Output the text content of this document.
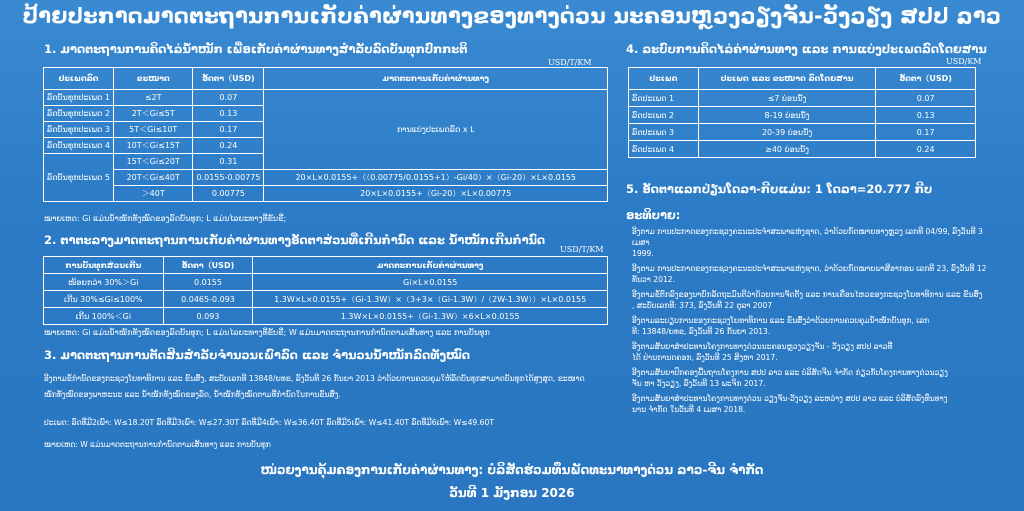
ປ້າຍປະກາດມາດຕະຖານການເກັບຄ່າຜ່ານທາງຂອງທາງດ່ວນ ນະຄອນຫຼວງວຽງຈັນ-ວັງວຽງ ສປປ ລາວ
1. ມາດຕະຖານການຄິດໄລ່ນ້ຳໜັກ ເພື່ອເກັບຄ່າຜ່ານທາງສຳລັບລົດບັນທຸກປົກກະຕິ
USD/T/KM
ປະເພດລົດ	ຂະໜາດ	ອັດຕາ（USD)	ມາດຕະການເກັບຄ່າຜ່ານທາງ
ລົດບັນທຸກປະເພດ 1	≤2T	0.07	ການແບ່ງປະເພດລົດ x L
ລົດບັນທຸກປະເພດ 2	2T＜Gi≤5T	0.13	
ລົດບັນທຸກປະເພດ 3	5T＜Gi≤10T	0.17	
ລົດບັນທຸກປະເພດ 4	10T＜Gi≤15T	0.24	
ລົດບັນທຸກປະເພດ 5	15T＜Gi≤20T	0.31	
	20T＜Gi≤40T	0.0155-0.00775	20×L×0.0155+（（0.00775/0.0155+1）-Gi/40）×（Gi-20）×L×0.0155
	＞40T	0.00775	20×L×0.0155+（Gi-20）×L×0.00775
ໝາຍເຫດ: Gi ແມ່ນນ້ຳໜັກທັງໝົດຂອງລົດບັນທຸກ; L ແມ່ນໄລຍະທາງທີ່ຂັບຂີ່;
2. ຕາຕະລາງມາດຕະຖານການເກັບຄ່າຜ່ານທາງອັດຕາສ່ວນທີ່ເກີນກຳນົດ ແລະ ນ້ຳໜັກເກີນກຳນົດ
USD/T/KM
ການບັນທຸກສ່ວນເກີນ	ອັດຕາ（USD)	ມາດຕະການເກັບຄ່າຜ່ານທາງ
ໜ້ອຍກວ່າ 30%＞Gi	0.0155	Gi×L×0.0155
ເກີນ 30%≤Gi≤100%	0.0465-0.093	1.3W×L×0.0155+（Gi-1.3W）×（3+3×（Gi-1.3W）/（2W-1.3W））×L×0.0155
ເກີນ 100%＜Gi	0.093	1.3W×L×0.0155+（Gi-1.3W）×6×L×0.0155
ໝາຍເຫດ: Gi ແມ່ນນ້ຳໜັກທັງໝົດຂອງລົດບັນທຸກ; L ແມ່ນໄລຍະທາງທີ່ຂັບຂີ່; W ແມ່ນມາດຕະຖານການກຳນົດຕາມເສັ້ນທາງ ແລະ ການບັນທຸກ
3. ມາດຕະຖານການຕັດສິນສຳລັບຈຳນວນເພົາລົດ ແລະ ຈຳນວນນ້ຳໜັກລົດທັງໝົດ
ອີງຕາມຂໍ້ກຳນົດຂອງກະຊວງໂຍທາທິການ ແລະ ຂົນສົ່ງ, ສະບັບເລກທີ 13848/ຍທຂ, ລົງວັນທີ 26 ກັນຍາ 2013 ວ່າດ້ວຍການຄວບຄຸມໃຫ້ລົດບັນທຸກສາມາດບັນທຸກໄດ້ສູງສຸດ, ຂະໜາດ
ໜັກທັງໝົດຂອງພາຫະນະ ແລະ ນ້ຳໜັກທັງໝົດຂອງລົດ, ນ້ຳໜັກທັງໝົດຕາມທີ່ກຳນົດໃນການຂົນສົ່ງ.
ປະເພດ: ລົດທີ່ມີ2ເພົາ: W≤18.20T ລົດທີ່ມີ3ເພົາ: W≤27.30T ລົດທີ່ມີ4ເພົາ: W≤36.40T ລົດທີ່ມີ5ເພົາ: W≤41.40T ລົດທີ່ມີ6ເພົາ: W≤49.60T
ໝາຍເຫດ: W ແມ່ນມາດຕະຖານການກຳນົດຕາມເສັ້ນທາງ ແລະ ການບັນທຸກ
4. ລະບົບການຄິດໄລ່ຄ່າຜ່ານທາງ ແລະ ການແບ່ງປະເພດລົດໂດຍສານ
USD/KM
ປະເພດ	ປະເພດ ແລະ ຂະໜາດ ລົດໂດຍສານ	ອັດຕາ（USD)
ລົດປະເພດ 1	≤7 ບ່ອນນັ່ງ	0.07
ລົດປະເພດ 2	8-19 ບ່ອນນັ່ງ	0.13
ລົດປະເພດ 3	20-39 ບ່ອນນັ່ງ	0.17
ລົດປະເພດ 4	≥40 ບ່ອນນັ່ງ	0.24
5. ອັດຕາແລກປ່ຽນໂດລາ-ກີບແມ່ນ: 1 ໂດລາ=20.777 ກີບ
ອະທິບາຍ:
ອີງຕາມ ການປະກາດຂອງກະຊວງຄະນະປະຈຳສະພາແຫ່ງຊາດ, ວ່າດ້ວຍກົດໝາຍທາງຫຼວງ ເລກທີ 04/99, ລົງວັນທີ 3 ເມສາ
1999.
ອີງຕາມ ການປະກາດຂອງກະຊວງຄະນະປະຈຳສະພາແຫ່ງຊາດ, ວ່າດ້ວຍກົດໝາຍພາສີອາກອນ ເລກທີ 23, ລົງວັນທີ 12
ທັນວາ 2012.
ອີງຕາມຂໍ້ຕົກລົງຂອງນາຍົກລັດຖະມົນຕີວ່າດ້ວຍການຈັດຕັ້ງ ແລະ ການເຄື່ອນໄຫວຂອງກະຊວງໂຍທາທິການ ແລະ ຂົນສົ່ງ
, ສະບັບເລກທີ: 373, ລົງວັນທີ 22 ຕຸລາ 2007
ອີງຕາມລະບຽບການຂອງກະຊວງໂຍທາທິການ ແລະ ຂົນສົ່ງວ່າດ້ວຍການຄວບຄຸມນ້ຳໜັກບັນທຸກ, ເລກ
ທີ: 13848/ຍທຂ, ລົງວັນທີ 26 ກັນຍາ 2013.
ອີງຕາມສັນຍາສຳປະທານໂຄງການທາງດ່ວນນະຄອນຫຼວງວຽງຈັນ - ວັງວຽງ ສປປ ລາວທີ່
ໄດ້ ປ່ານການດຄອກ, ລົງວັນທີ 25 ສິງຫາ 2017.
ອີງຕາມສັນຍາປົກຄອງພື້ນຖານໂຄງການ ສປປ ລາວ ແລະ ບໍລິສັດຈີນ ຈຳກັດ ກ່ຽວກັບໂຄງການທາງດ່ວນວຽງ
ຈັນ ຫາ ວັງວຽງ, ລົງວັນທີ 13 ພະຈິກ 2017.
ອີງຕາມສັນຍາສຳປະທານໂຄງການທາງດ່ວນ ວຽງຈັນ-ວັງວຽງ ລະຫວ່າງ ສປປ ລາວ ແລະ ບໍລິສັດລົງທຶນທາງ
ນານ ຈຳກັດ ໃນວັນທີ 4 ເມສາ 2018.
ໜ່ວຍງານຄຸ້ມຄອງການເກັບຄ່າຜ່ານທາງ: ບໍລິສັດຮ່ວມທຶນພັດທະນາທາງດ່ວນ ລາວ-ຈີນ ຈຳກັດ
ວັນທີ 1 ມັງກອນ 2026
